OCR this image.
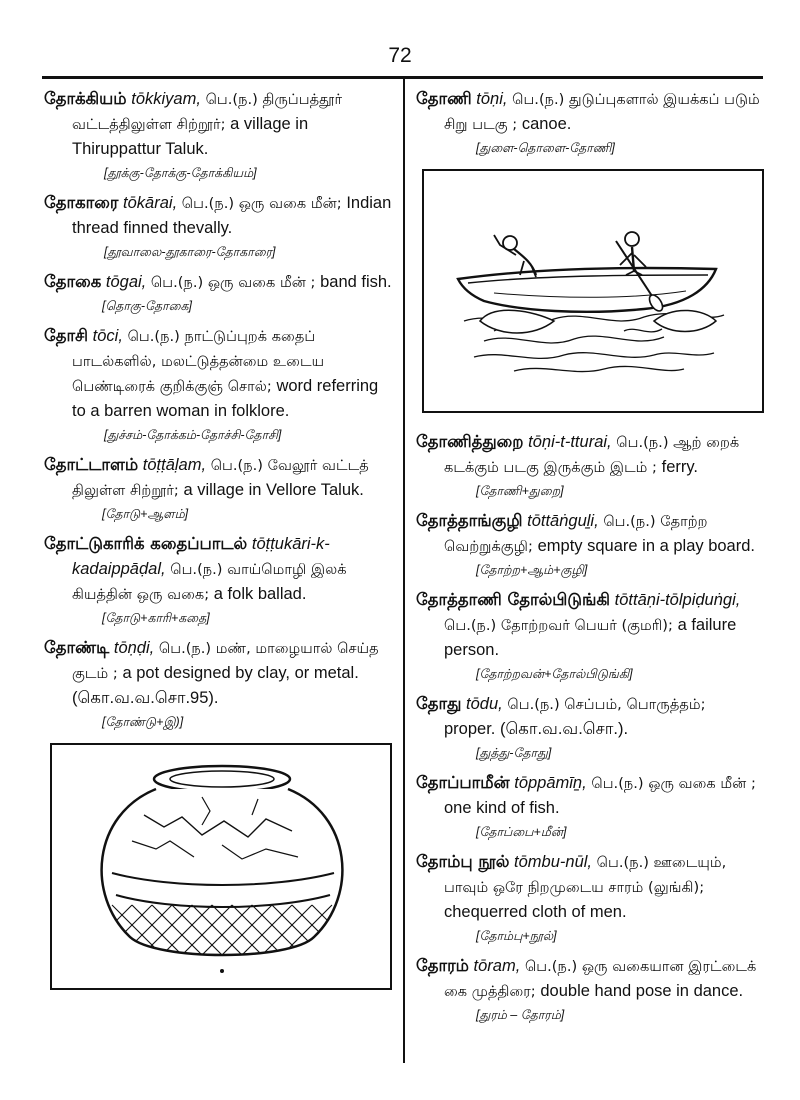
72

தோக்கியம் tōkkiyam, பெ.(ந.) திருப்பத்தூர் வட்டத்திலுள்ள சிற்றூர்; a village in Thiruppattur Taluk.

[தூக்கு-தோக்கு-தோக்கியம்]

தோகாரை tōkārai, பெ.(ந.) ஒரு வகை மீன்; Indian thread finned thevally.

[தூவாலை-தூகாரை-தோகாரை]

தோகை tōgai, பெ.(ந.) ஒரு வகை மீன் ; band fish.

[தொகு-தோகை]

தோசி tōci, பெ.(ந.) நாட்டுப்புறக் கதைப் பாடல்களில், மலட்டுத்தன்மை உடைய பெண்டிரைக் குறிக்குஞ் சொல்; word referring to a barren woman in folklore.

[துச்சம்-தோக்கம்-தோச்சி-தோசி]

தோட்டாளம் tōṭṭāḷam, பெ.(ந.) வேலூர் வட்டத் திலுள்ள சிற்றூர்; a village in Vellore Taluk.

[தோடு+ஆளம்]

தோட்டுகாரிக் கதைப்பாடல் tōṭṭukāri-k-kadaippāḍal, பெ.(ந.) வாய்மொழி இலக் கியத்தின் ஒரு வகை; a folk ballad.

[தோடு+காரி+கதை]

தோண்டி tōṇḍi, பெ.(ந.) மண், மாழையால் செய்த குடம் ; a pot designed by clay, or metal. (கொ.வ.வ.சொ.95).

[தோண்டு+இ)]

தோணி tōṇi, பெ.(ந.) துடுப்புகளால் இயக்கப் படும் சிறு படகு ; canoe.

[துளை-தொளை-தோணி]

தோணித்துறை tōṇi-t-tturai, பெ.(ந.) ஆற் றைக் கடக்கும் படகு இருக்கும் இடம் ; ferry.

[தோணி+துறை]

தோத்தாங்குழி tōttāṅguḻi, பெ.(ந.) தோற்ற வெற்றுக்குழி; empty square in a play board.

[தோற்ற+ஆம்+குழி]

தோத்தாணி தோல்பிடுங்கி tōttāṇi-tōlpiḍuṅgi, பெ.(ந.) தோற்றவர் பெயர் (குமரி); a failure person.

[தோற்றவன்+தோல்பிடுங்கி]

தோது tōdu, பெ.(ந.) செப்பம், பொருத்தம்; proper. (கொ.வ.வ.சொ.).

[துத்து-தோது]

தோப்பாமீன் tōppāmīṉ, பெ.(ந.) ஒரு வகை மீன் ; one kind of fish.

[தோப்பை+மீன்]

தோம்பு நூல் tōmbu-nūl, பெ.(ந.) ஊடையும், பாவும் ஒரே நிறமுடைய சாரம் (லுங்கி); chequerred cloth of men.

[தோம்பு+நூல்]

தோரம் tōram, பெ.(ந.) ஒரு வகையான இரட்டைக் கை முத்திரை; double hand pose in dance.

[துரம் – தோரம்]
